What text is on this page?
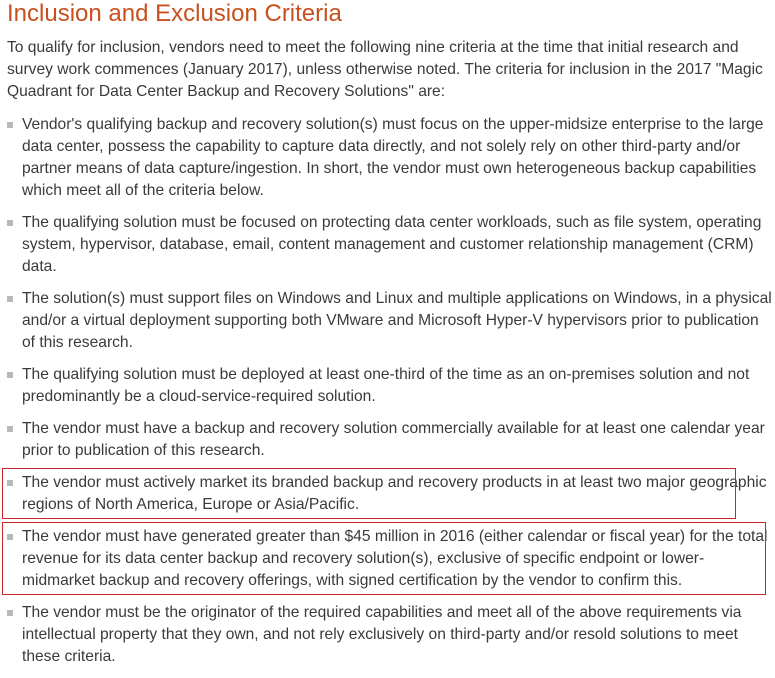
Inclusion and Exclusion Criteria

To qualify for inclusion, vendors need to meet the following nine criteria at the time that initial research and survey work commences (January 2017), unless otherwise noted. The criteria for inclusion in the 2017 "Magic Quadrant for Data Center Backup and Recovery Solutions" are:

Vendor's qualifying backup and recovery solution(s) must focus on the upper-midsize enterprise to the large data center, possess the capability to capture data directly, and not solely rely on other third-party and/or partner means of data capture/ingestion. In short, the vendor must own heterogeneous backup capabilities which meet all of the criteria below.
The qualifying solution must be focused on protecting data center workloads, such as file system, operating system, hypervisor, database, email, content management and customer relationship management (CRM) data.
The solution(s) must support files on Windows and Linux and multiple applications on Windows, in a physical and/or a virtual deployment supporting both VMware and Microsoft Hyper-V hypervisors prior to publication of this research.
The qualifying solution must be deployed at least one-third of the time as an on-premises solution and not predominantly be a cloud-service-required solution.
The vendor must have a backup and recovery solution commercially available for at least one calendar year prior to publication of this research.
The vendor must actively market its branded backup and recovery products in at least two major geographic regions of North America, Europe or Asia/Pacific.
The vendor must have generated greater than $45 million in 2016 (either calendar or fiscal year) for the total revenue for its data center backup and recovery solution(s), exclusive of specific endpoint or lower-midmarket backup and recovery offerings, with signed certification by the vendor to confirm this.
The vendor must be the originator of the required capabilities and meet all of the above requirements via intellectual property that they own, and not rely exclusively on third-party and/or resold solutions to meet these criteria.
